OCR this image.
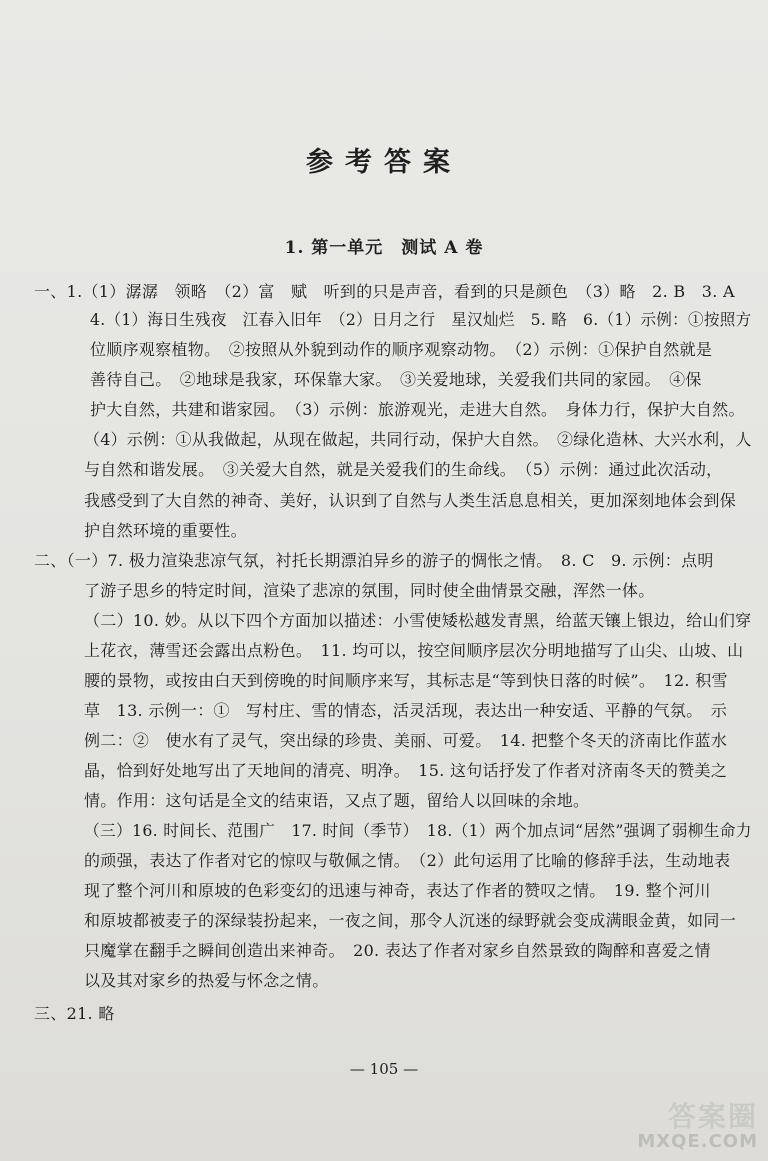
参考答案
1. 第一单元　测试 A 卷
一、1.（1）潺潺　领略　（2）富　赋　听到的只是声音，看到的只是颜色　（3）略　2. B　3. A
4.（1）海日生残夜　江春入旧年　（2）日月之行　星汉灿烂　5. 略　6.（1）示例：①按照方
位顺序观察植物。　②按照从外貌到动作的顺序观察动物。　（2）示例：①保护自然就是
善待自己。　②地球是我家，环保靠大家。　③关爱地球，关爱我们共同的家园。　④保
护大自然，共建和谐家园。　（3）示例：旅游观光，走进大自然。　身体力行，保护大自然。
（4）示例：①从我做起，从现在做起，共同行动，保护大自然。　②绿化造林、大兴水利，人
与自然和谐发展。　③关爱大自然，就是关爱我们的生命线。　（5）示例：通过此次活动，
我感受到了大自然的神奇、美好，认识到了自然与人类生活息息相关，更加深刻地体会到保
护自然环境的重要性。
二、（一）7. 极力渲染悲凉气氛，衬托长期漂泊异乡的游子的惆怅之情。　8. C　9. 示例：点明
了游子思乡的特定时间，渲染了悲凉的氛围，同时使全曲情景交融，浑然一体。
（二）10. 妙。从以下四个方面加以描述：小雪使矮松越发青黑，给蓝天镶上银边，给山们穿
上花衣，薄雪还会露出点粉色。　11. 均可以，按空间顺序层次分明地描写了山尖、山坡、山
腰的景物，或按由白天到傍晚的时间顺序来写，其标志是“等到快日落的时候”。　12. 积雪
草　13. 示例一：①　写村庄、雪的情态，活灵活现，表达出一种安适、平静的气氛。　示
例二：②　使水有了灵气，突出绿的珍贵、美丽、可爱。　14. 把整个冬天的济南比作蓝水
晶，恰到好处地写出了天地间的清亮、明净。　15. 这句话抒发了作者对济南冬天的赞美之
情。作用：这句话是全文的结束语，又点了题，留给人以回味的余地。
（三）16. 时间长、范围广　17. 时间（季节）　18.（1）两个加点词“居然”强调了弱柳生命力
的顽强，表达了作者对它的惊叹与敬佩之情。　（2）此句运用了比喻的修辞手法，生动地表
现了整个河川和原坡的色彩变幻的迅速与神奇，表达了作者的赞叹之情。　19. 整个河川
和原坡都被麦子的深绿装扮起来，一夜之间，那令人沉迷的绿野就会变成满眼金黄，如同一
只魔掌在翻手之瞬间创造出来神奇。　20. 表达了作者对家乡自然景致的陶醉和喜爱之情
以及其对家乡的热爱与怀念之情。
三、21. 略
— 105 —
答案圈
MXQE.COM
